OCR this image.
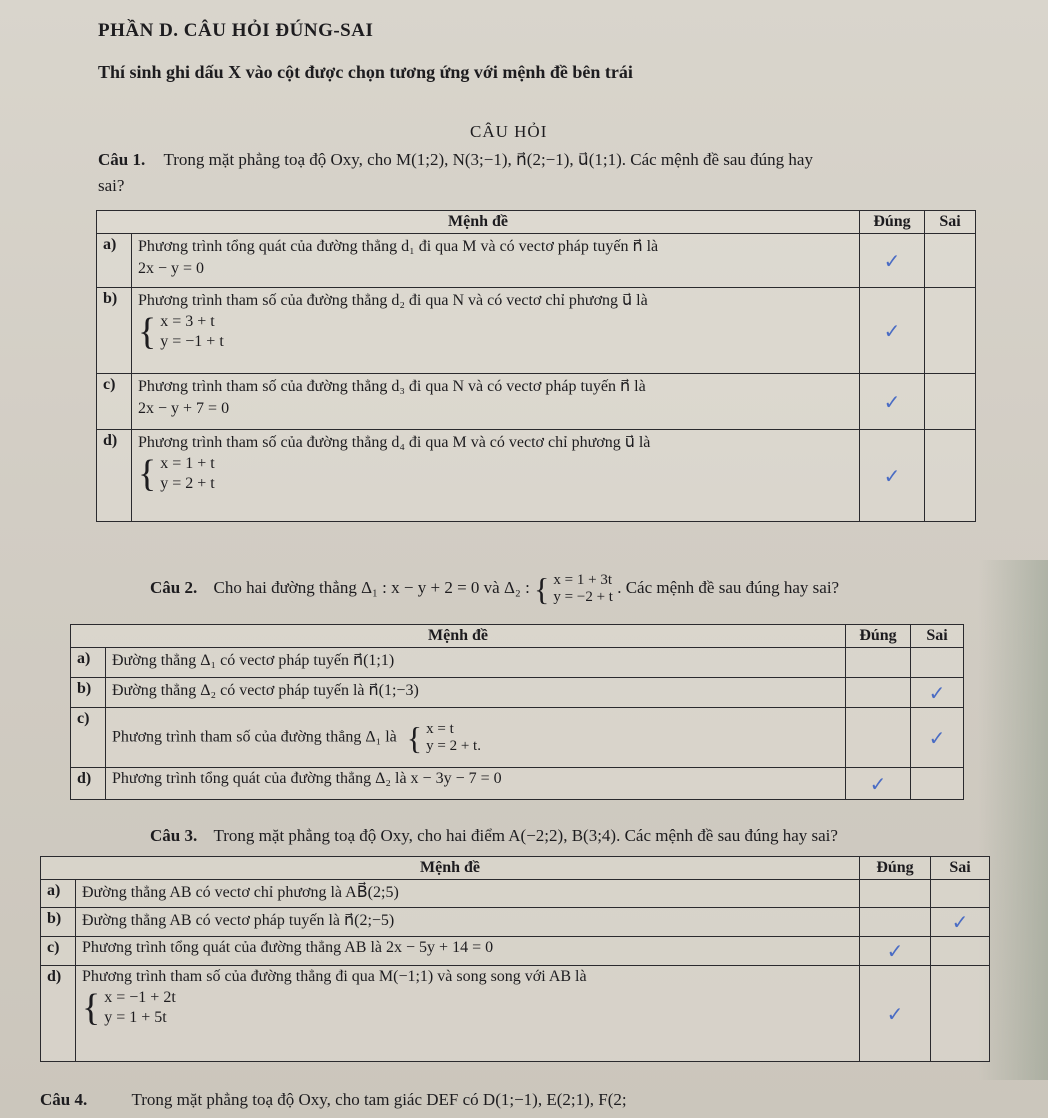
PHẦN D. CÂU HỎI ĐÚNG-SAI
Thí sinh ghi dấu X vào cột được chọn tương ứng với mệnh đề bên trái
CÂU HỎI
Câu 1. Trong mặt phẳng toạ độ Oxy, cho M(1;2), N(3;−1), n⃗(2;−1), u⃗(1;1). Các mệnh đề sau đúng hay
sai?
Mệnh đề		Đúng	Sai
a)	Phương trình tổng quát của đường thẳng d₁ đi qua M và có vectơ pháp tuyến n⃗ là
2x − y = 0	✓	
b)	Phương trình tham số của đường thẳng d₂ đi qua N và có vectơ chỉ phương u⃗ là
{ x = 3 + t
y = −1 + t	✓	
c)	Phương trình tham số của đường thẳng d₃ đi qua N và có vectơ pháp tuyến n⃗ là
2x − y + 7 = 0	✓	
d)	Phương trình tham số của đường thẳng d₄ đi qua M và có vectơ chỉ phương u⃗ là
{ x = 1 + t
y = 2 + t	✓	
Câu 2. Cho hai đường thẳng Δ₁ : x − y + 2 = 0 và Δ₂ : { x = 1 + 3t
y = −2 + t
. Các mệnh đề sau đúng hay sai?
Mệnh đề		Đúng	Sai
a)	Đường thẳng Δ₁ có vectơ pháp tuyến n⃗(1;1)		
b)	Đường thẳng Δ₂ có vectơ pháp tuyến là n⃗(1;−3)		✓
c)	Phương trình tham số của đường thẳng Δ₁ là { x = t
y = 2 + t.		✓
d)	Phương trình tổng quát của đường thẳng Δ₂ là x − 3y − 7 = 0	✓	
Câu 3. Trong mặt phẳng toạ độ Oxy, cho hai điểm A(−2;2), B(3;4). Các mệnh đề sau đúng hay sai?
Mệnh đề		Đúng	Sai
a)	Đường thẳng AB có vectơ chỉ phương là AB⃗(2;5)		
b)	Đường thẳng AB có vectơ pháp tuyến là n⃗(2;−5)		✓
c)	Phương trình tổng quát của đường thẳng AB là 2x − 5y + 14 = 0	✓	
d)	Phương trình tham số của đường thẳng đi qua M(−1;1) và song song với AB là
{ x = −1 + 2t
y = 1 + 5t	✓	
Câu 4.	Trong mặt phẳng toạ độ Oxy, cho tam giác DEF có D(1;−1), E(2;1), F(2;
